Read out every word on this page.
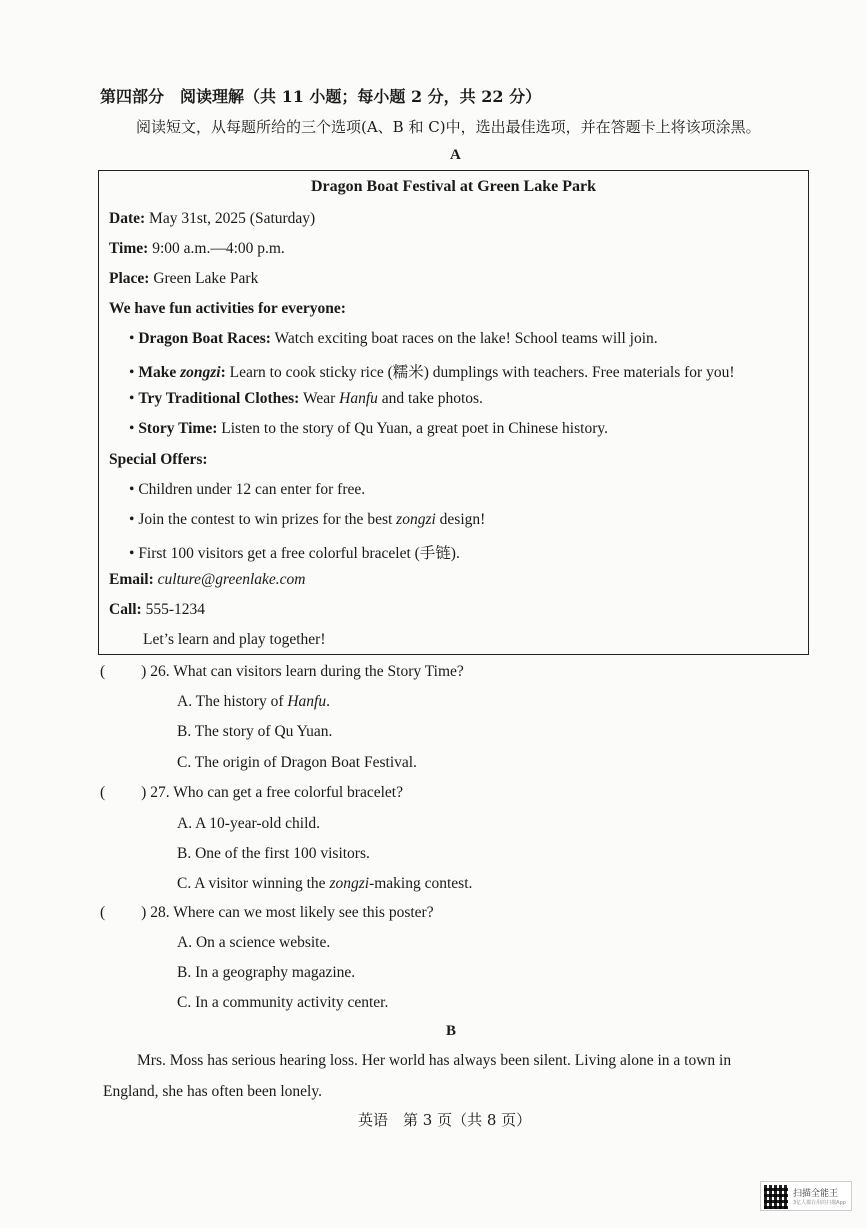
第四部分　阅读理解（共 11 小题；每小题 2 分，共 22 分）
阅读短文，从每题所给的三个选项(A、B 和 C)中，选出最佳选项，并在答题卡上将该项涂黑。
A
Dragon Boat Festival at Green Lake Park
Date: May 31st, 2025 (Saturday)
Time: 9:00 a.m.—4:00 p.m.
Place: Green Lake Park
We have fun activities for everyone:
• Dragon Boat Races: Watch exciting boat races on the lake! School teams will join.
• Make zongzi: Learn to cook sticky rice (糯米) dumplings with teachers. Free materials for you!
• Try Traditional Clothes: Wear Hanfu and take photos.
• Story Time: Listen to the story of Qu Yuan, a great poet in Chinese history.
Special Offers:
• Children under 12 can enter for free.
• Join the contest to win prizes for the best zongzi design!
• First 100 visitors get a free colorful bracelet (手链).
Email: culture@greenlake.com
Call: 555-1234
Let’s learn and play together!
( ) 26. What can visitors learn during the Story Time?
A. The history of Hanfu.
B. The story of Qu Yuan.
C. The origin of Dragon Boat Festival.
( ) 27. Who can get a free colorful bracelet?
A. A 10-year-old child.
B. One of the first 100 visitors.
C. A visitor winning the zongzi-making contest.
( ) 28. Where can we most likely see this poster?
A. On a science website.
B. In a geography magazine.
C. In a community activity center.
B
Mrs. Moss has serious hearing loss. Her world has always been silent. Living alone in a town in
England, she has often been lonely.
英语　第 3 页（共 8 页）
扫描全能王
3亿人都在用的扫描App
